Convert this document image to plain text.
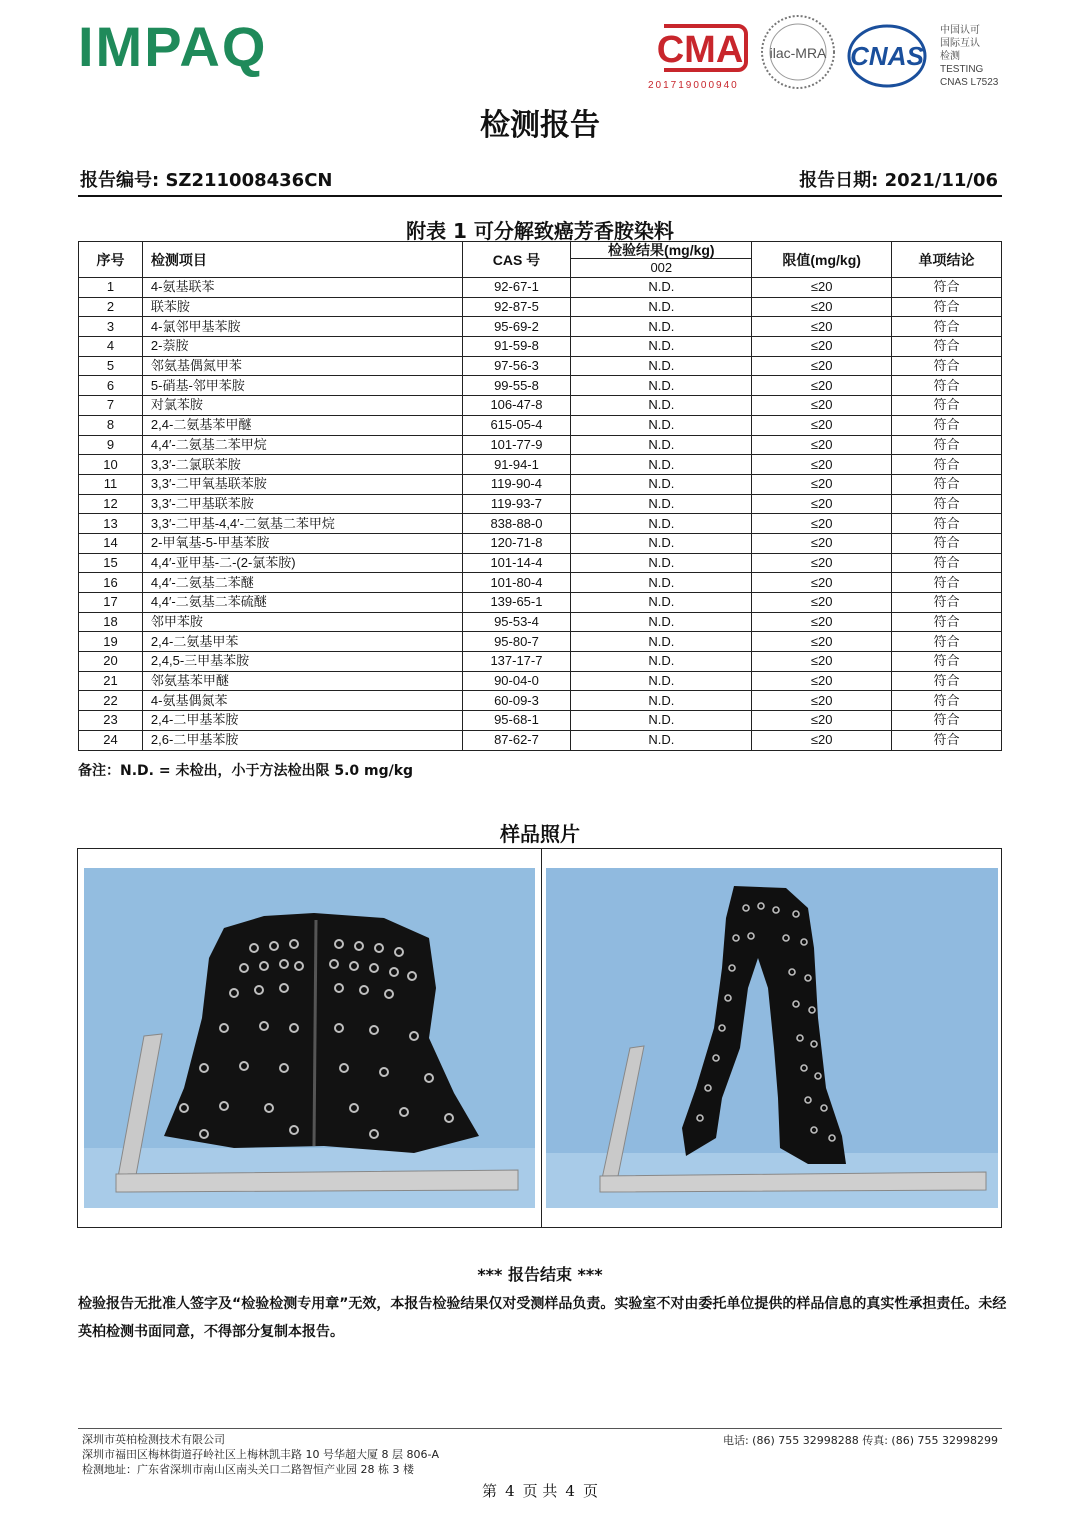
IMPAQ	CMA
201719000940
ilac-MRA CNAS
中国认可
国际互认
检测
TESTING
CNAS L7523
检测报告
报告编号: SZ211008436CN	报告日期: 2021/11/06
附表 1 可分解致癌芳香胺染料
序号	检测项目	CAS 号	检验结果(mg/kg)	限值(mg/kg)	单项结论
			002		
1	4-氨基联苯	92-67-1	N.D.	≤20	符合
2	联苯胺	92-87-5	N.D.	≤20	符合
3	4-氯邻甲基苯胺	95-69-2	N.D.	≤20	符合
4	2-萘胺	91-59-8	N.D.	≤20	符合
5	邻氨基偶氮甲苯	97-56-3	N.D.	≤20	符合
6	5-硝基-邻甲苯胺	99-55-8	N.D.	≤20	符合
7	对氯苯胺	106-47-8	N.D.	≤20	符合
8	2,4-二氨基苯甲醚	615-05-4	N.D.	≤20	符合
9	4,4′-二氨基二苯甲烷	101-77-9	N.D.	≤20	符合
10	3,3′-二氯联苯胺	91-94-1	N.D.	≤20	符合
11	3,3′-二甲氧基联苯胺	119-90-4	N.D.	≤20	符合
12	3,3′-二甲基联苯胺	119-93-7	N.D.	≤20	符合
13	3,3′-二甲基-4,4′-二氨基二苯甲烷	838-88-0	N.D.	≤20	符合
14	2-甲氧基-5-甲基苯胺	120-71-8	N.D.	≤20	符合
15	4,4′-亚甲基-二-(2-氯苯胺)	101-14-4	N.D.	≤20	符合
16	4,4′-二氨基二苯醚	101-80-4	N.D.	≤20	符合
17	4,4′-二氨基二苯硫醚	139-65-1	N.D.	≤20	符合
18	邻甲苯胺	95-53-4	N.D.	≤20	符合
19	2,4-二氨基甲苯	95-80-7	N.D.	≤20	符合
20	2,4,5-三甲基苯胺	137-17-7	N.D.	≤20	符合
21	邻氨基苯甲醚	90-04-0	N.D.	≤20	符合
22	4-氨基偶氮苯	60-09-3	N.D.	≤20	符合
23	2,4-二甲基苯胺	95-68-1	N.D.	≤20	符合
24	2,6-二甲基苯胺	87-62-7	N.D.	≤20	符合
备注：N.D. = 未检出，小于方法检出限 5.0 mg/kg
样品照片
*** 报告结束 ***
检验报告无批准人签字及“检验检测专用章”无效，本报告检验结果仅对受测样品负责。实验室不对由委托单位提供的样品信息的真实性承担责任。未经英柏检测书面同意，不得部分复制本报告。
深圳市英柏检测技术有限公司
深圳市福田区梅林街道孖岭社区上梅林凯丰路 10 号华超大厦 8 层 806-A
检测地址：广东省深圳市南山区南头关口二路智恒产业园 28 栋 3 楼
电话: (86) 755 32998288 传真: (86) 755 32998299
第 4 页 共 4 页
